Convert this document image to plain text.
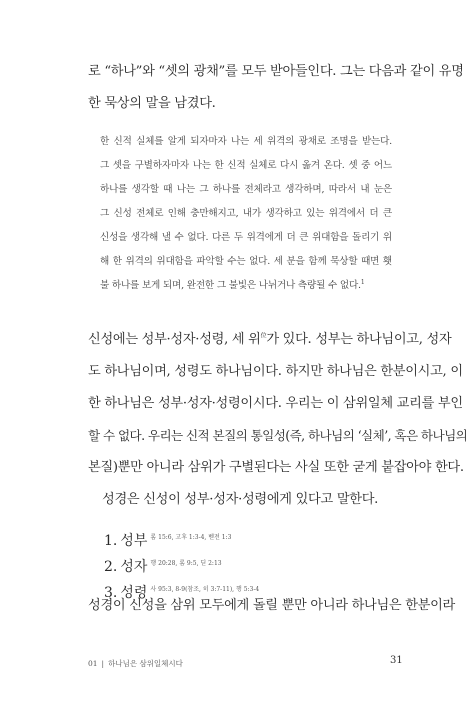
로 “하나”와 “셋의 광채”를 모두 받아들인다. 그는 다음과 같이 유명
한 묵상의 말을 남겼다.
한 신적 실체를 알게 되자마자 나는 세 위격의 광채로 조명을 받는다.
그 셋을 구별하자마자 나는 한 신적 실체로 다시 옮겨 온다. 셋 중 어느
하나를 생각할 때 나는 그 하나를 전체라고 생각하며, 따라서 내 눈은
그 신성 전체로 인해 충만해지고, 내가 생각하고 있는 위격에서 더 큰
신성을 생각해 낼 수 없다. 다른 두 위격에게 더 큰 위대함을 돌리기 위
해 한 위격의 위대함을 파악할 수는 없다. 세 분을 함께 묵상할 때면 횃
불 하나를 보게 되며, 완전한 그 불빛은 나뉘거나 측량될 수 없다.$^1$
신성에는 성부·성자·성령, 세 위$^位$가 있다. 성부는 하나님이고, 성자
도 하나님이며, 성령도 하나님이다. 하지만 하나님은 한분이시고, 이
한 하나님은 성부·성자·성령이시다. 우리는 이 삼위일체 교리를 부인
할 수 없다. 우리는 신적 본질의 통일성(즉, 하나님의 ‘실체’, 혹은 하나님의
본질)뿐만 아니라 삼위가 구별된다는 사실 또한 굳게 붙잡아야 한다.
성경은 신성이 성부·성자·성령에게 있다고 말한다.
1. 성부 롬 15:6, 고후 1:3-4, 벧전 1:3
2. 성자 행 20:28, 롬 9:5, 딛 2:13
3. 성령 사 95:3, 8-9(참조, 히 3:7-11), 행 5:3-4
성경이 신성을 삼위 모두에게 돌릴 뿐만 아니라 하나님은 한분이라
01 | 하나님은 삼위일체시다	31
